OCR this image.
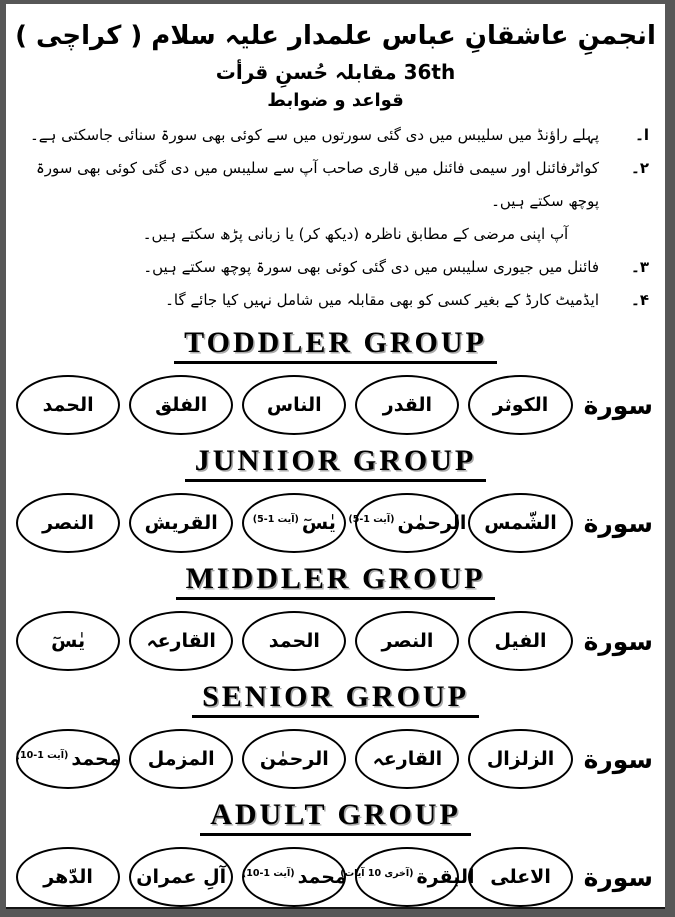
انجمنِ عاشقانِ عباس علمدار علیہ سلام ( کراچی )
36th مقابلہ حُسنِ قرأت
قواعد و ضوابط
ا۔
پہلے راؤنڈ میں سلیبس میں دی گئی سورتوں میں سے کوئی بھی سورۃ سنائی جاسکتی ہے۔
۲۔
کواٹرفائنل اور سیمی فائنل میں قاری صاحب آپ سے سلیبس میں دی گئی کوئی بھی سورۃ پوچھ سکتے ہیں۔
آپ اپنی مرضی کے مطابق ناظرہ (دیکھ کر) یا زبانی پڑھ سکتے ہیں۔
۳۔
فائنل میں جیوری سلیبس میں دی گئی کوئی بھی سورۃ پوچھ سکتے ہیں۔
۴۔
ایڈمیٹ کارڈ کے بغیر کسی کو بھی مقابلہ میں شامل نہیں کیا جائے گا۔
TODDLER GROUP
سورة
الکوثر
القدر
الناس
الفلق
الحمد
JUNIIOR GROUP
سورة
الشّمس
الرحمٰن
(آیت 1-5)
یٰسٓ
(آیت 1-5)
القریش
النصر
MIDDLER GROUP
سورة
الفیل
النصر
الحمد
القارعہ
یٰسٓ
SENIOR GROUP
سورة
الزلزال
القارعہ
الرحمٰن
المزمل
محمد
(آیت 1-10)
ADULT GROUP
سورة
الاعلی
البقرة
(آخری 10 آیات)
محمد
(آیت 1-10)
آلِ عمران
الدّھر
